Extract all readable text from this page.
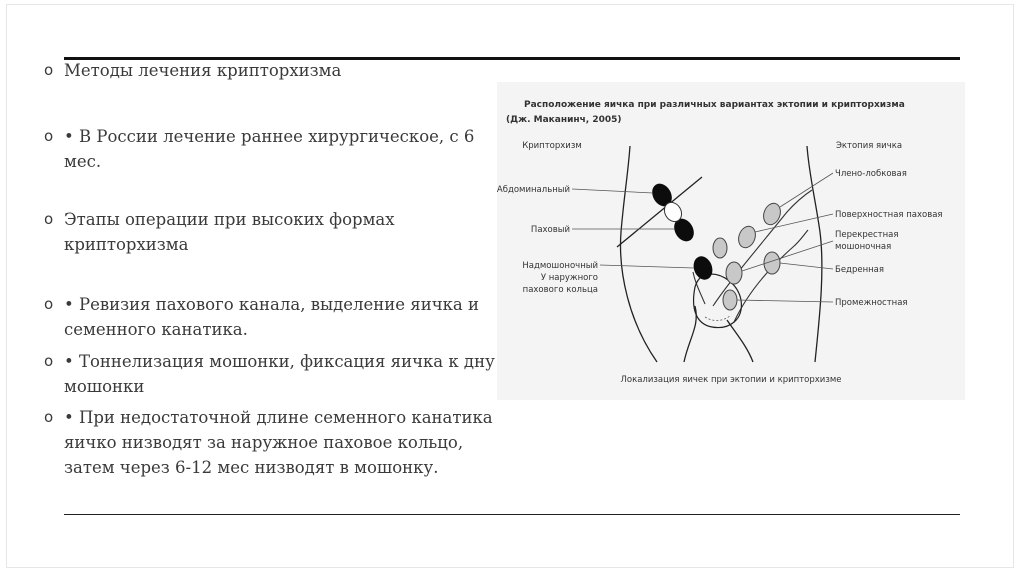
o Методы лечения крипторхизма
o • В России лечение раннее хирургическое, с 6 мес.
o Этапы операции при высоких формах крипторхизма
o • Ревизия пахового канала, выделение яичка и семенного канатика.
o • Тоннелизация мошонки, фиксация яичка к дну мошонки
o • При недостаточной длине семенного канатика яичко низводят за наружное паховое кольцо, затем через 6-12 мес низводят в мошонку.
Расположение яичка при различных вариантах эктопии и крипторхизма
(Дж. Маканинч, 2005)
Крипторхизм	Эктопия яичка
Абдоминальный
Паховый
Надмошоночный
У наружного
пахового кольца
Члено-лобковая
Поверхностная паховая
Перекрестная
мошоночная
Бедренная
Промежностная
Локализация яичек при эктопии и крипторхизме
